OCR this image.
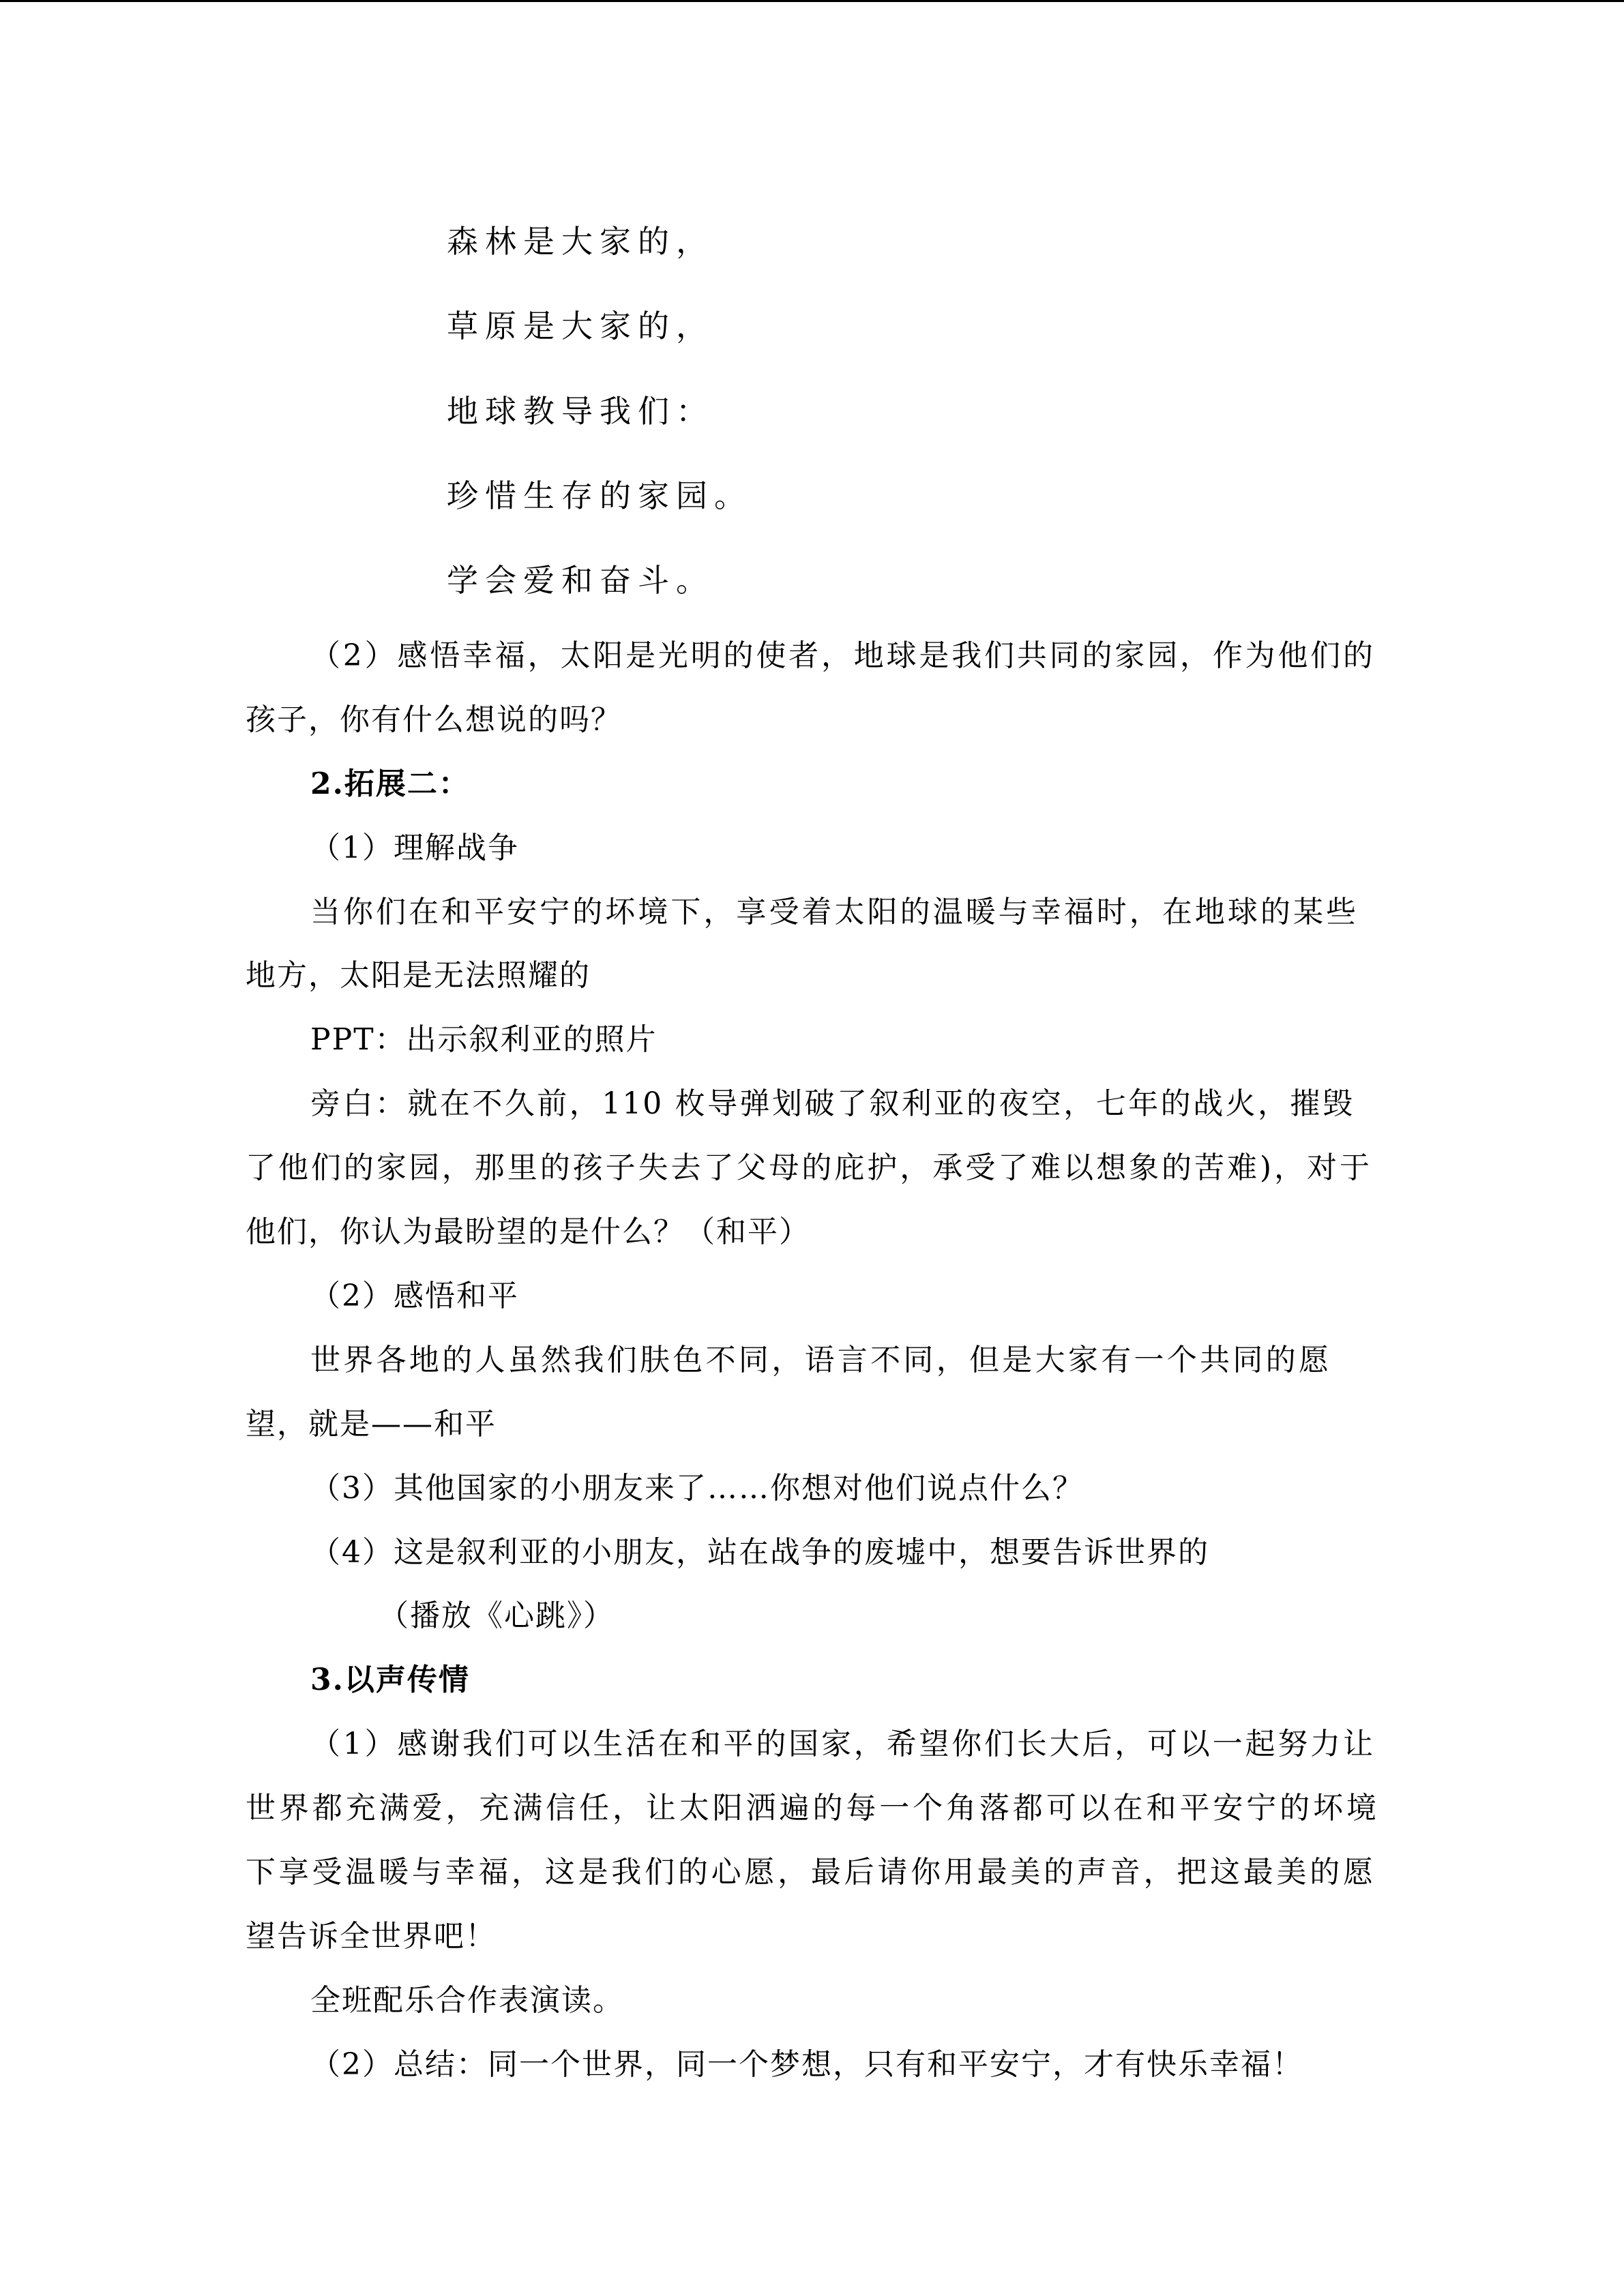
森林是大家的，
草原是大家的，
地球教导我们：
珍惜生存的家园。
学会爱和奋斗。
（2）感悟幸福，太阳是光明的使者，地球是我们共同的家园，作为他们的
孩子，你有什么想说的吗？
2.拓展二：
（1）理解战争
当你们在和平安宁的坏境下，享受着太阳的温暖与幸福时，在地球的某些
地方，太阳是无法照耀的
PPT：出示叙利亚的照片
旁白：就在不久前，110 枚导弹划破了叙利亚的夜空，七年的战火，摧毁
了他们的家园，那里的孩子失去了父母的庇护，承受了难以想象的苦难)，对于
他们，你认为最盼望的是什么？（和平）
（2）感悟和平
世界各地的人虽然我们肤色不同，语言不同，但是大家有一个共同的愿
望，就是——和平
（3）其他国家的小朋友来了……你想对他们说点什么？
（4）这是叙利亚的小朋友，站在战争的废墟中，想要告诉世界的
（播放《心跳》）
3.以声传情
（1）感谢我们可以生活在和平的国家，希望你们长大后，可以一起努力让
世界都充满爱，充满信任，让太阳洒遍的每一个角落都可以在和平安宁的坏境
下享受温暖与幸福，这是我们的心愿，最后请你用最美的声音，把这最美的愿
望告诉全世界吧！
全班配乐合作表演读。
（2）总结：同一个世界，同一个梦想，只有和平安宁，才有快乐幸福！
